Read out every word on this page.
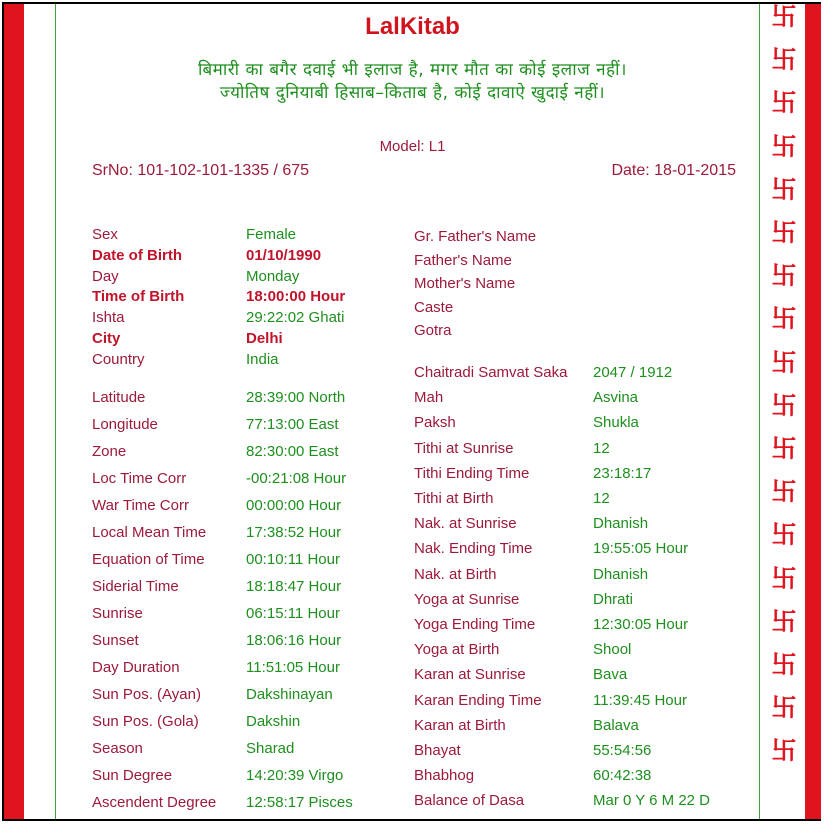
卐
卐
卐
卐
卐
卐
卐
卐
卐
卐
卐
卐
卐
卐
卐
卐
卐
卐
LalKitab
बिमारी का बगैर दवाई भी इलाज है, मगर मौत का कोई इलाज नहीं।
ज्योतिष दुनियाबी हिसाब–किताब है, कोई दावाऐ खुदाई नहीं।
Model: L1
SrNo: 101-102-101-1335 / 675	Date: 18-01-2015
Sex	Female
Date of Birth	01/10/1990
Day	Monday
Time of Birth	18:00:00 Hour
Ishta	29:22:02 Ghati
City	Delhi
Country	India
Latitude	28:39:00 North
Longitude	77:13:00 East
Zone	82:30:00 East
Loc Time Corr	-00:21:08 Hour
War Time Corr	00:00:00 Hour
Local Mean Time	17:38:52 Hour
Equation of Time	00:10:11 Hour
Siderial Time	18:18:47 Hour
Sunrise	06:15:11 Hour
Sunset	18:06:16 Hour
Day Duration	11:51:05 Hour
Sun Pos. (Ayan)	Dakshinayan
Sun Pos. (Gola)	Dakshin
Season	Sharad
Sun Degree	14:20:39 Virgo
Ascendent Degree 12:58:17 Pisces
Gr. Father's Name
Father's Name
Mother's Name
Caste
Gotra
Chaitradi Samvat Saka 2047 / 1912
Mah	Asvina
Paksh	Shukla
Tithi at Sunrise	12
Tithi Ending Time	23:18:17
Tithi at Birth	12
Nak. at Sunrise	Dhanish
Nak. Ending Time	19:55:05 Hour
Nak. at Birth	Dhanish
Yoga at Sunrise	Dhrati
Yoga Ending Time	12:30:05 Hour
Yoga at Birth	Shool
Karan at Sunrise	Bava
Karan Ending Time	11:39:45 Hour
Karan at Birth	Balava
Bhayat	55:54:56
Bhabhog	60:42:38
Balance of Dasa	Mar 0 Y 6 M 22 D
